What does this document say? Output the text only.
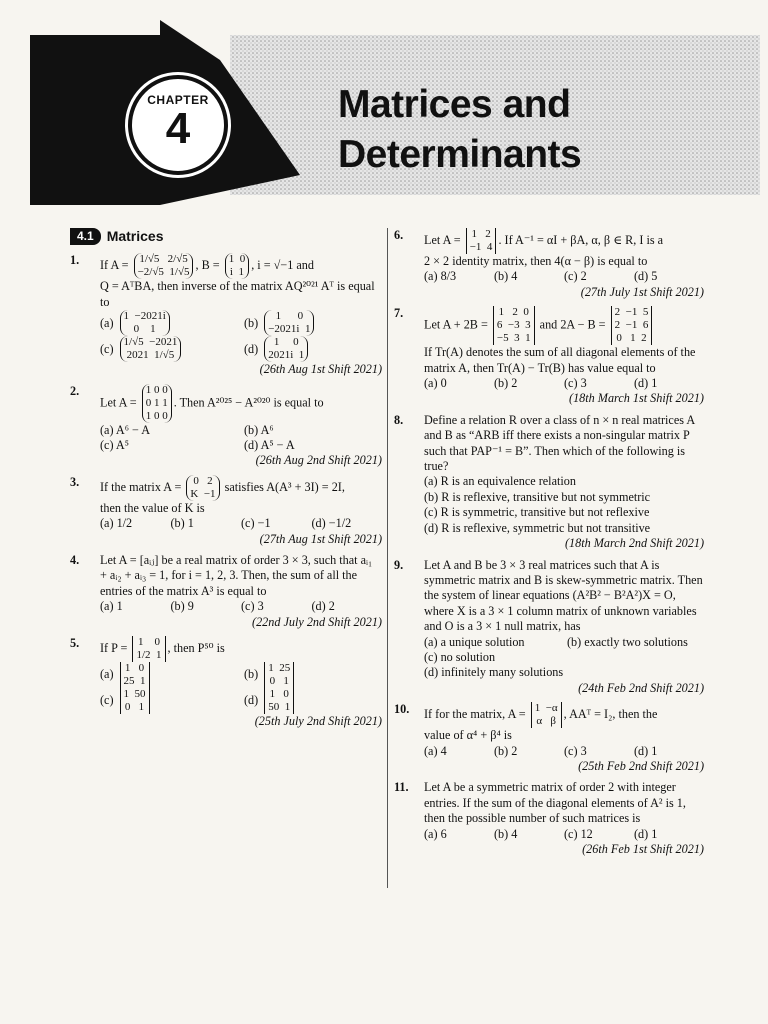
CHAPTER
4	Matrices and
Determinants
4.1 Matrices
1. If A = 1/√5   2/√5
−2/√5  1/√5
, B = 1  0
i  1
, i = √−1 and
Q = AᵀBA, then inverse of the matrix AQ²⁰²¹ Aᵀ is equal to
(a) 1  −2021i
0    1	(b)	1      0
−2021i  1
(c) 1/√5  −2021
2021  1/√5	(d)	1     0
2021i  1
(26th Aug 1st Shift 2021)
2.
Let A =
1 0 0
0 1 1
1 0 0
. Then A²⁰²⁵ − A²⁰²⁰ is equal to
(a) A⁶ − A	(b) A⁶
(c) A⁵	(d) A⁵ − A
(26th Aug 2nd Shift 2021)
3. If the matrix A = 0   2
K  −1
satisfies A(A³ + 3I) = 2I,
then the value of K is
(a) 1/2	(b) 1	(c) −1	(d) −1/2
(27th Aug 1st Shift 2021)
4. Let A = [aᵢⱼ] be a real matrix of order 3 × 3, such that aᵢ₁ + aᵢ₂ + aᵢ₃ = 1, for i = 1, 2, 3. Then, the sum of all the entries of the matrix A³ is equal to
(a) 1	(b) 9	(c) 3	(d) 2
(22nd July 2nd Shift 2021)
5. If P = 1    0
1/2  1
, then P⁵⁰ is
(a) 1   0
25  1	(b) 1  25
0   1
(c) 1  50
0   1	(d) 1   0
50  1
(25th July 2nd Shift 2021)
6. Let A = 1   2
−1  4
. If A⁻¹ = αI + βA, α, β ∈ R, I is a
2 × 2 identity matrix, then 4(α − β) is equal to
(a) 8/3	(b) 4	(c) 2	(d) 5
(27th July 1st Shift 2021)
7.
Let A + 2B =
1   2  0
6  −3  3
−5  3  1
and 2A − B =
2  −1  5
2  −1  6
0   1  2
If Tr(A) denotes the sum of all diagonal elements of the matrix A, then Tr(A) − Tr(B) has value equal to
(a) 0	(b) 2	(c) 3	(d) 1
(18th March 1st Shift 2021)
8. Define a relation R over a class of n × n real matrices A and B as “ARB iff there exists a non-singular matrix P such that PAP⁻¹ = B”. Then which of the following is true?
(a) R is an equivalence relation
(b) R is reflexive, transitive but not symmetric
(c) R is symmetric, transitive but not reflexive
(d) R is reflexive, symmetric but not transitive
(18th March 2nd Shift 2021)
9. Let A and B be 3 × 3 real matrices such that A is symmetric matrix and B is skew-symmetric matrix. Then the system of linear equations (A²B² − B²A²)X = O, where X is a 3 × 1 column matrix of unknown variables and O is a 3 × 1 null matrix, has
(a) a unique solution	(b) exactly two solutions
(c) no solution
(d) infinitely many solutions
(24th Feb 2nd Shift 2021)
10. If for the matrix, A = 1  −α
α   β
, AAᵀ = I₂, then the
value of α⁴ + β⁴ is
(a) 4	(b) 2	(c) 3	(d) 1
(25th Feb 2nd Shift 2021)
11. Let A be a symmetric matrix of order 2 with integer entries. If the sum of the diagonal elements of A² is 1, then the possible number of such matrices is
(a) 6	(b) 4	(c) 12	(d) 1
(26th Feb 1st Shift 2021)
